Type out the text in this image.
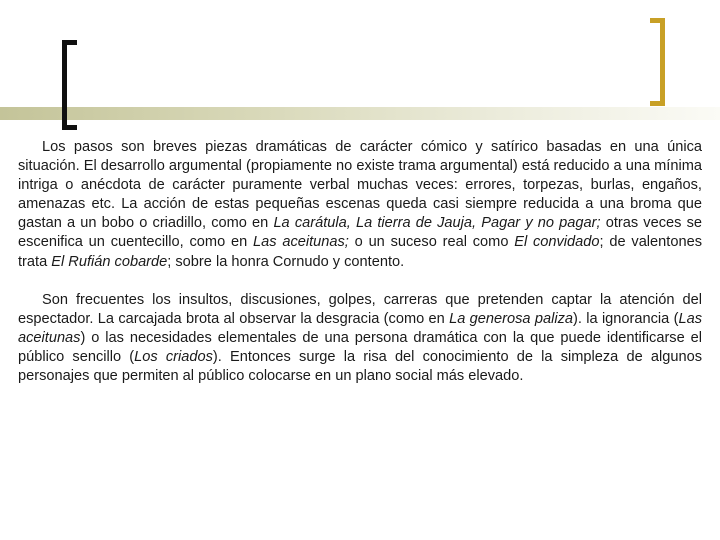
Los pasos son breves piezas dramáticas de carácter cómico y satírico basadas en una única situación. El desarrollo argumental (propiamente no existe trama argumental) está reducido a una mínima intriga o anécdota de carácter puramente verbal muchas veces: errores, torpezas, burlas, engaños, amenazas etc. La acción de estas pequeñas escenas queda casi siempre reducida a una broma que gastan a un bobo o criadillo, como en La carátula, La tierra de Jauja, Pagar y no pagar; otras veces se escenifica un cuentecillo, como en Las aceitunas; o un suceso real como El convidado; de valentones trata El Rufián cobarde; sobre la honra Cornudo y contento.

Son frecuentes los insultos, discusiones, golpes, carreras que pretenden captar la atención del espectador. La carcajada brota al observar la desgracia (como en La generosa paliza). la ignorancia (Las aceitunas) o las necesidades elementales de una persona dramática con la que puede identificarse el público sencillo (Los criados). Entonces surge la risa del conocimiento de la simpleza de algunos personajes que permiten al público colocarse en un plano social más elevado.
